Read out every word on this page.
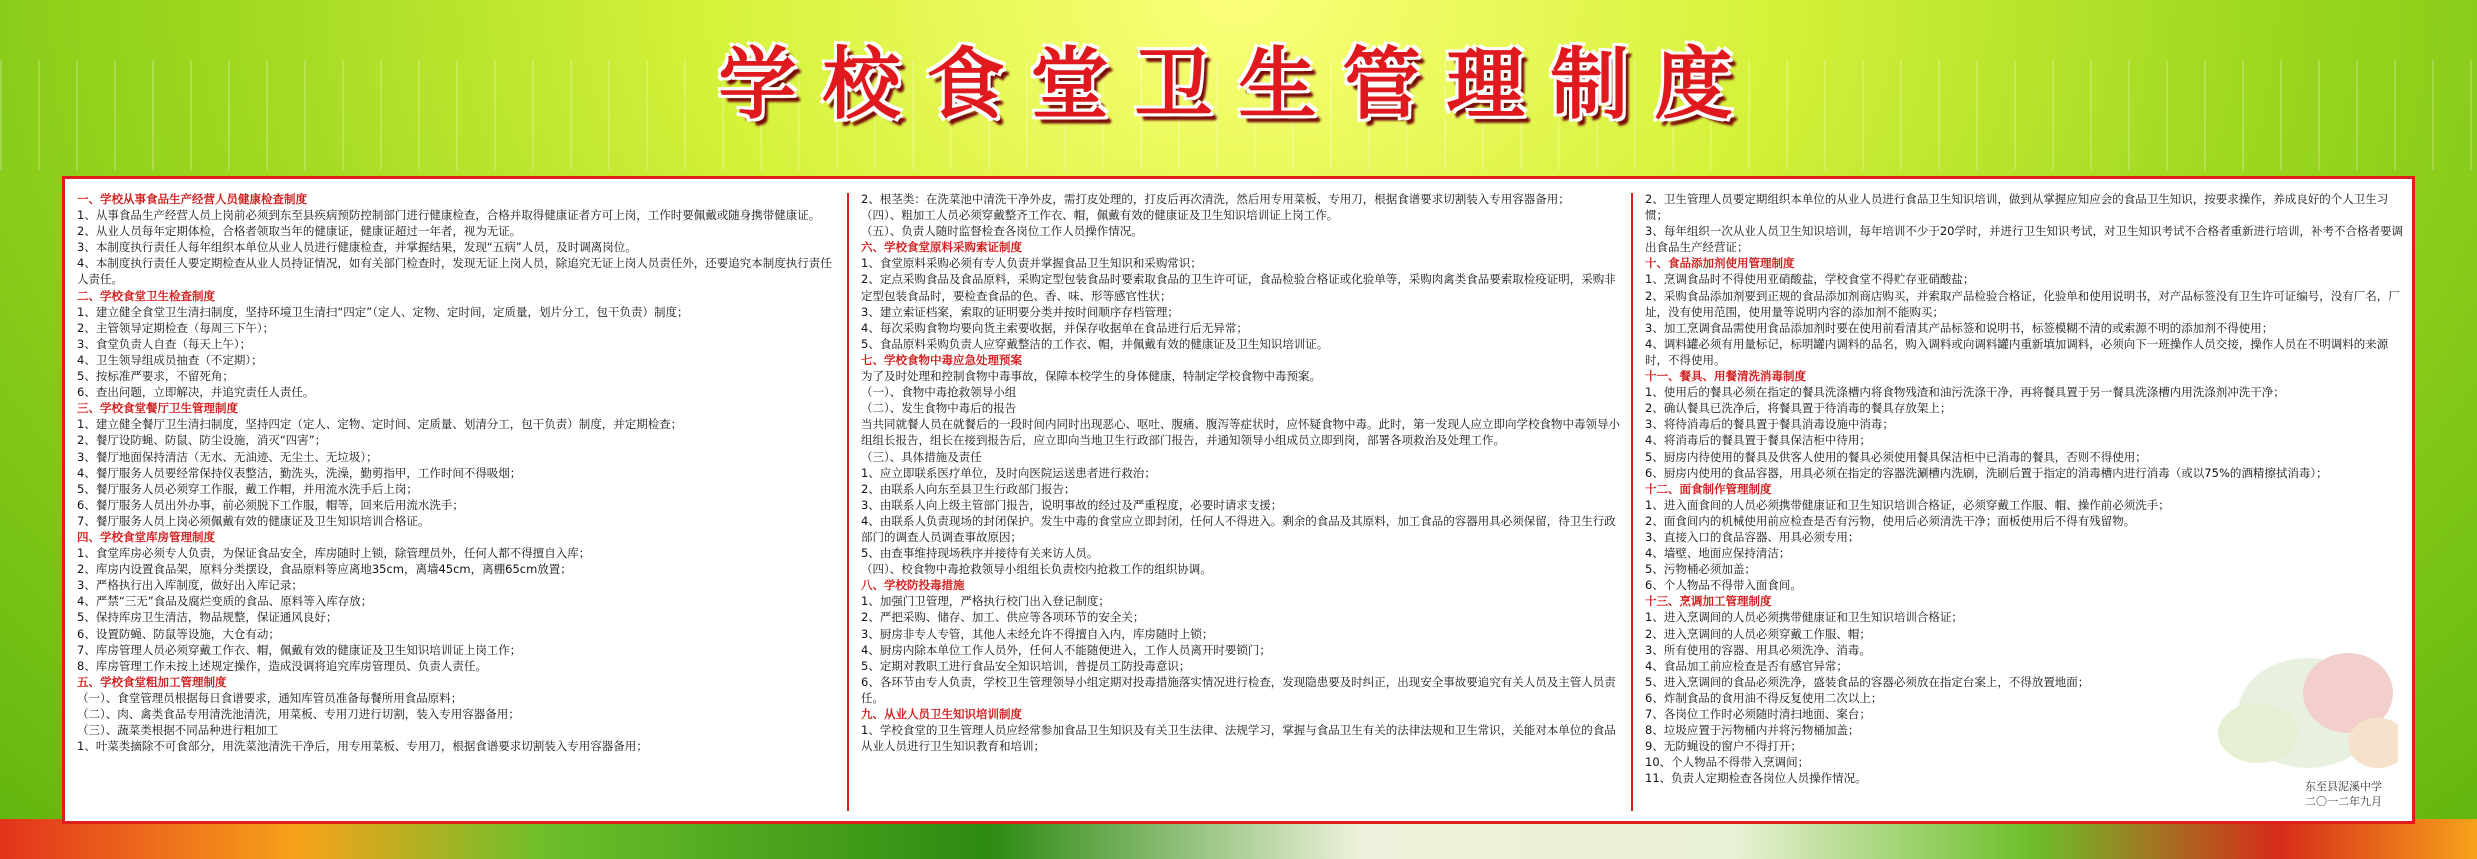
学校食堂卫生管理制度
一、学校从事食品生产经营人员健康检查制度
1、从事食品生产经营人员上岗前必须到东至县疾病预防控制部门进行健康检查，合格并取得健康证者方可上岗，工作时要佩戴或随身携带健康证。
2、从业人员每年定期体检，合格者领取当年的健康证，健康证超过一年者，视为无证。
3、本制度执行责任人每年组织本单位从业人员进行健康检查，并掌握结果，发现“五病”人员，及时调离岗位。
4、本制度执行责任人要定期检查从业人员持证情况，如有关部门检查时，发现无证上岗人员，除追究无证上岗人员责任外，还要追究本制度执行责任人责任。
二、学校食堂卫生检查制度
1、建立健全食堂卫生清扫制度，坚持环境卫生清扫“四定”（定人、定物、定时间，定质量，划片分工，包干负责）制度；
2、主管领导定期检查（每周三下午）；
3、食堂负责人自查（每天上午）；
4、卫生领导组成员抽查（不定期）；
5、按标准严要求，不留死角；
6、查出问题，立即解决，并追究责任人责任。
三、学校食堂餐厅卫生管理制度
1、建立健全餐厅卫生清扫制度，坚持四定（定人、定物、定时间、定质量、划清分工，包干负责）制度，并定期检查；
2、餐厅设防蝇、防鼠、防尘设施，消灭“四害”；
3、餐厅地面保持清洁（无水、无油迹、无尘土、无垃圾）；
4、餐厅服务人员要经常保持仪表整洁，勤洗头，洗澡，勤剪指甲，工作时间不得吸烟；
5、餐厅服务人员必须穿工作服，戴工作帽，并用流水洗手后上岗；
6、餐厅服务人员出外办事，前必须脱下工作服，帽等，回来后用流水洗手；
7、餐厅服务人员上岗必须佩戴有效的健康证及卫生知识培训合格证。
四、学校食堂库房管理制度
1、食堂库房必须专人负责，为保证食品安全，库房随时上锁，除管理员外，任何人都不得擅自入库；
2、库房内设置食品架，原料分类摆设，食品原料等应离地35cm，离墙45cm，离棚65cm放置；
3、严格执行出入库制度，做好出入库记录；
4、严禁“三无”食品及腐烂变质的食品、原料等入库存放；
5、保持库房卫生清洁，物品规整，保证通风良好；
6、设置防蝇、防鼠等设施，大仓有动；
7、库房管理人员必须穿戴工作衣、帽，佩戴有效的健康证及卫生知识培训证上岗工作；
8、库房管理工作未按上述规定操作，造成没调将追究库房管理员、负责人责任。
五、学校食堂粗加工管理制度
（一）、食堂管理员根据每日食谱要求，通知库管员准备每餐所用食品原料；
（二）、肉、禽类食品专用清洗池清洗，用菜板、专用刀进行切割，装入专用容器备用；
（三）、蔬菜类根据不同品种进行粗加工
1、叶菜类摘除不可食部分，用洗菜池清洗干净后，用专用菜板、专用刀，根据食谱要求切割装入专用容器备用；
2、根茎类：在洗菜池中清洗干净外皮，需打皮处理的，打皮后再次清洗，然后用专用菜板、专用刀，根据食谱要求切割装入专用容器备用；
（四）、粗加工人员必须穿戴整齐工作衣、帽，佩戴有效的健康证及卫生知识培训证上岗工作。
（五）、负责人随时监督检查各岗位工作人员操作情况。
六、学校食堂原料采购索证制度
1、食堂原料采购必须有专人负责并掌握食品卫生知识和采购常识；
2、定点采购食品及食品原料，采购定型包装食品时要索取食品的卫生许可证，食品检验合格证或化验单等，采购肉禽类食品要索取检疫证明，采购非定型包装食品时，要检查食品的色、香、味、形等感官性状；
3、建立索证档案，索取的证明要分类并按时间顺序存档管理；
4、每次采购食物均要向货主索要收据，并保存收据单在食品进行后无异常；
5、食品原料采购负责人应穿戴整洁的工作衣、帽，并佩戴有效的健康证及卫生知识培训证。
七、学校食物中毒应急处理预案
为了及时处理和控制食物中毒事故，保障本校学生的身体健康，特制定学校食物中毒预案。
（一）、食物中毒抢救领导小组
（二）、发生食物中毒后的报告
当共同就餐人员在就餐后的一段时间内同时出现恶心、呕吐、腹痛、腹泻等症状时，应怀疑食物中毒。此时，第一发现人应立即向学校食物中毒领导小组组长报告，组长在接到报告后，应立即向当地卫生行政部门报告，并通知领导小组成员立即到岗，部署各项救治及处理工作。
（三）、具体措施及责任
1、应立即联系医疗单位，及时向医院运送患者进行救治；
2、由联系人向东至县卫生行政部门报告；
3、由联系人向上级主管部门报告，说明事故的经过及严重程度，必要时请求支援；
4、由联系人负责现场的封闭保护。发生中毒的食堂应立即封闭，任何人不得进入。剩余的食品及其原料，加工食品的容器用具必须保留，待卫生行政部门的调查人员调查事故原因；
5、由查事维持现场秩序并接待有关来访人员。
（四）、校食物中毒抢救领导小组组长负责校内抢救工作的组织协调。
八、学校防投毒措施
1、加强门卫管理，严格执行校门出入登记制度；
2、严把采购、储存、加工、供应等各项环节的安全关；
3、厨房非专人专管，其他人未经允许不得擅自入内，库房随时上锁；
4、厨房内除本单位工作人员外，任何人不能随便进入，工作人员离开时要锁门；
5、定期对教职工进行食品安全知识培训，普提员工防投毒意识；
6、各环节由专人负责，学校卫生管理领导小组定期对投毒措施落实情况进行检查，发现隐患要及时纠正，出现安全事故要追究有关人员及主管人员责任。
九、从业人员卫生知识培训制度
1、学校食堂的卫生管理人员应经常参加食品卫生知识及有关卫生法律、法规学习，掌握与食品卫生有关的法律法规和卫生常识，关能对本单位的食品从业人员进行卫生知识教育和培训；
2、卫生管理人员要定期组织本单位的从业人员进行食品卫生知识培训，做到从掌握应知应会的食品卫生知识，按要求操作，养成良好的个人卫生习惯；
3、每年组织一次从业人员卫生知识培训，每年培训不少于20学时，并进行卫生知识考试，对卫生知识考试不合格者重新进行培训，补考不合格者要调出食品生产经营证；
十、食品添加剂使用管理制度
1、烹调食品时不得使用亚硝酸盐，学校食堂不得贮存亚硝酸盐；
2、采购食品添加剂要到正规的食品添加剂商店购买，并索取产品检验合格证，化验单和使用说明书，对产品标签没有卫生许可证编号，没有厂名，厂址，没有使用范围，使用量等说明内容的添加剂不能购买；
3、加工烹调食品需使用食品添加剂时要在使用前看清其产品标签和说明书，标签模糊不清的或索源不明的添加剂不得使用；
4、调料罐必须有用量标记，标明罐内调料的品名，购入调料或向调料罐内重新填加调料，必须向下一班操作人员交接，操作人员在不明调料的来源时，不得使用。
十一、餐具、用餐清洗消毒制度
1、使用后的餐具必须在指定的餐具洗涤槽内将食物残渣和油污洗涤干净，再将餐具置于另一餐具洗涤槽内用洗涤剂冲洗干净；
2、确认餐具已洗净后，将餐具置于待消毒的餐具存放架上；
3、将待消毒后的餐具置于餐具消毒设施中消毒；
4、将消毒后的餐具置于餐具保洁柜中待用；
5、厨房内待使用的餐具及供客人使用的餐具必须使用餐具保洁柜中已消毒的餐具，否则不得使用；
6、厨房内使用的食品容器，用具必须在指定的容器洗涮槽内洗刷，洗刷后置于指定的消毒槽内进行消毒（或以75%的酒精擦拭消毒）；
十二、面食制作管理制度
1、进入面食间的人员必须携带健康证和卫生知识培训合格证，必须穿戴工作服、帽、操作前必须洗手；
2、面食间内的机械使用前应检查是否有污物，使用后必须清洗干净；面板使用后不得有残留物。
3、直接入口的食品容器、用具必须专用；
4、墙壁、地面应保持清洁；
5、污物桶必须加盖；
6、个人物品不得带入面食间。
十三、烹调加工管理制度
1、进入烹调间的人员必须携带健康证和卫生知识培训合格证；
2、进入烹调间的人员必须穿戴工作服、帽；
3、所有使用的容器、用具必须洗净、消毒。
4、食品加工前应检查是否有感官异常；
5、进入烹调间的食品必须洗净，盛装食品的容器必须放在指定台案上，不得放置地面；
6、炸制食品的食用油不得反复使用二次以上；
7、各岗位工作时必须随时清扫地面、案台；
8、垃圾应置于污物桶内并将污物桶加盖；
9、无防蝇设的窗户不得打开；
10、个人物品不得带入烹调间；
11、负责人定期检查各岗位人员操作情况。
东至县泥溪中学
二〇一二年九月
